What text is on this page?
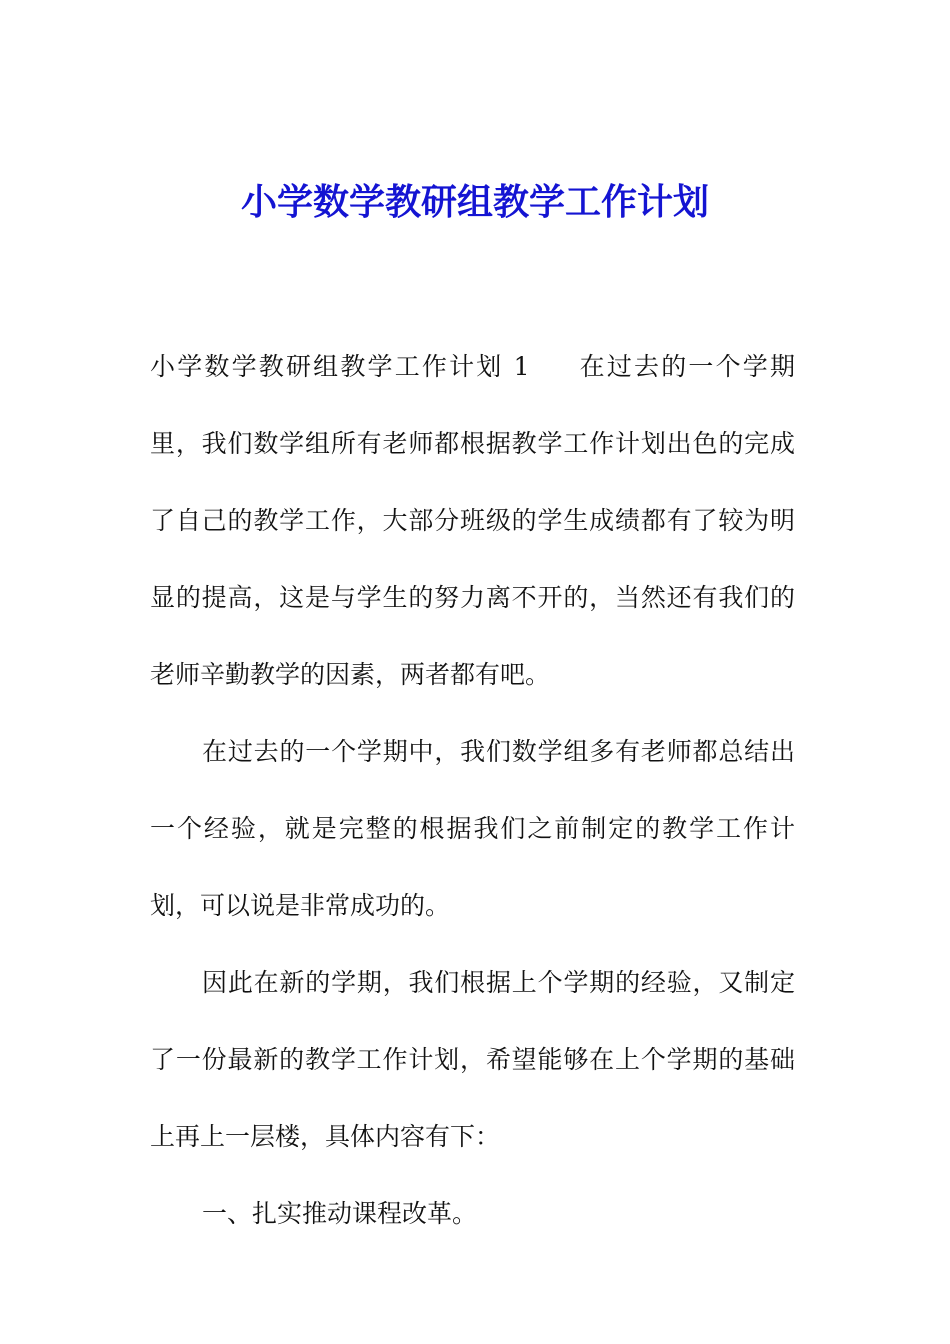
小学数学教研组教学工作计划

小学数学教研组教学工作计划 1 在过去的一个学期里，我们数学组所有老师都根据教学工作计划出色的完成了自己的教学工作，大部分班级的学生成绩都有了较为明显的提高，这是与学生的努力离不开的，当然还有我们的老师辛勤教学的因素，两者都有吧。

在过去的一个学期中，我们数学组多有老师都总结出一个经验，就是完整的根据我们之前制定的教学工作计划，可以说是非常成功的。

因此在新的学期，我们根据上个学期的经验，又制定了一份最新的教学工作计划，希望能够在上个学期的基础上再上一层楼，具体内容有下：

一、扎实推动课程改革。
